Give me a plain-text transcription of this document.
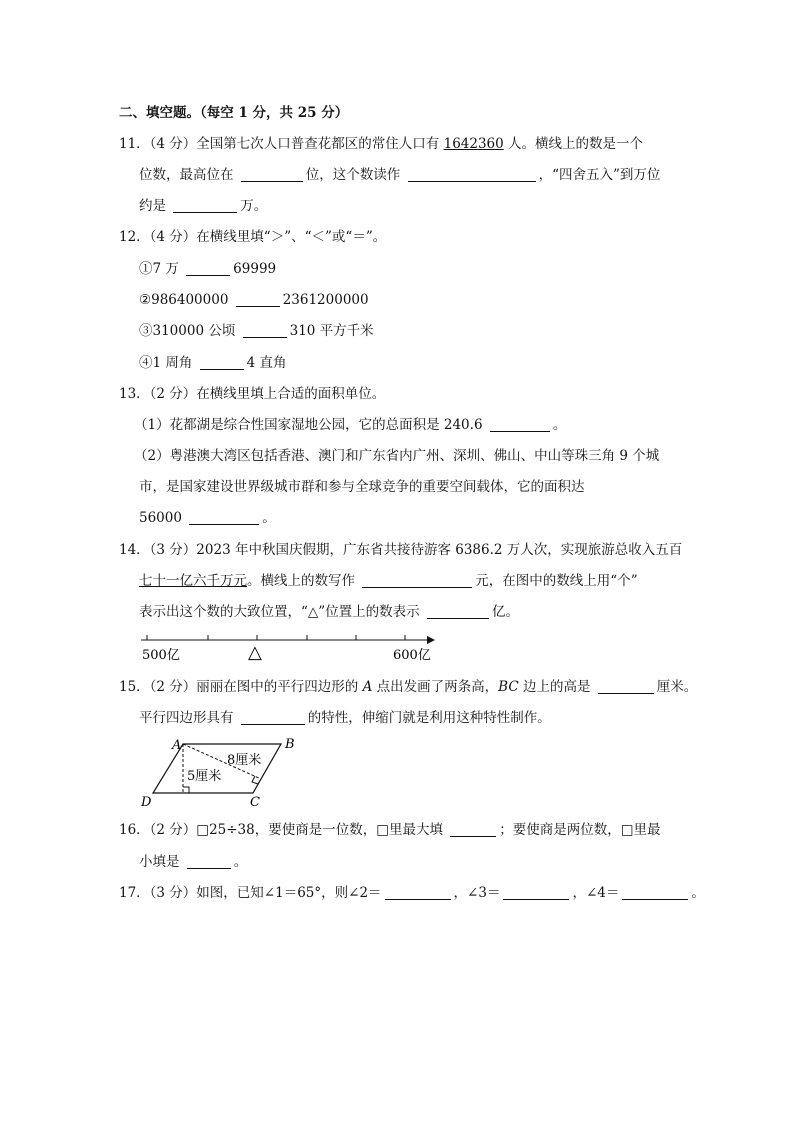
二、填空题。（每空 1 分，共 25 分）
11．（4 分）全国第七次人口普查花都区的常住人口有 1642360 人。横线上的数是一个
位数，最高位在	位，这个数读作	，“四舍五入”到万位
约是	万。
12．（4 分）在横线里填“＞”、“＜”或“＝”。
①7 万	69999
②986400000	2361200000
③310000 公顷	310 平方千米
④1 周角	4 直角
13．（2 分）在横线里填上合适的面积单位。
（1）花都湖是综合性国家湿地公园，它的总面积是 240.6	。
（2）粤港澳大湾区包括香港、澳门和广东省内广州、深圳、佛山、中山等珠三角 9 个城
市，是国家建设世界级城市群和参与全球竞争的重要空间载体，它的面积达
56000	。
14．（3 分）2023 年中秋国庆假期，广东省共接待游客 6386.2 万人次，实现旅游总收入五百
七十一亿六千万元。横线上的数写作	元，在图中的数线上用“个”
表示出这个数的大致位置，“△”位置上的数表示	亿。
500亿	△	600亿
15．（2 分）丽丽在图中的平行四边形的 A 点出发画了两条高，BC 边上的高是	厘米。
平行四边形具有	的特性，伸缩门就是利用这种特性制作。
A	B
C
D
8厘米
5厘米
16．（2 分）□25÷38，要使商是一位数，□里最大填	；要使商是两位数，□里最
小填是	。
17．（3 分）如图，已知∠1＝65°，则∠2＝	，∠3＝	，∠4＝	。
